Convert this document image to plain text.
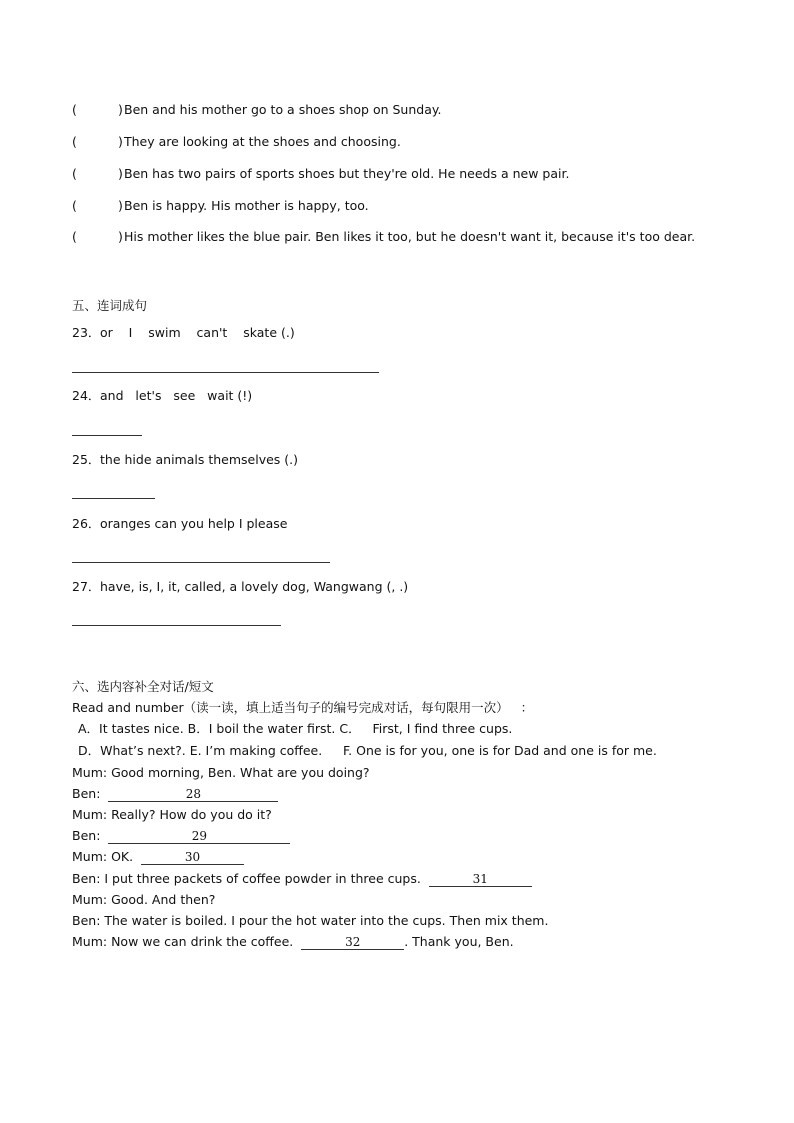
(	) Ben and his mother go to a shoes shop on Sunday.
(	) They are looking at the shoes and choosing.
(	) Ben has two pairs of sports shoes but they're old. He needs a new pair.
(	) Ben is happy. His mother is happy, too.
(	) His mother likes the blue pair. Ben likes it too, but he doesn't want it, because it's too dear.
五、连词成句
23． or    I    swim    can't    skate (.)
24． and   let's   see   wait (!)
25． the hide animals themselves (.)
26． oranges can you help I please
27． have, is, I, it, called, a lovely dog, Wangwang (, .)
六、选内容补全对话/短文
Read and number（读一读，填上适当句子的编号完成对话，每句限用一次）   ：
A．It tastes nice. B．I boil the water first. C．   First, I find three cups.
D．What’s next?. E. I’m making coffee. F. One is for you, one is for Dad and one is for me.
Mum: Good morning, Ben. What are you doing?
Ben:	28
Mum: Really? How do you do it?
Ben:	29
Mum: OK.	30
Ben: I put three packets of coffee powder in three cups.	31
Mum: Good. And then?
Ben: The water is boiled. I pour the hot water into the cups. Then mix them.
Mum: Now we can drink the coffee.	32	. Thank you, Ben.
